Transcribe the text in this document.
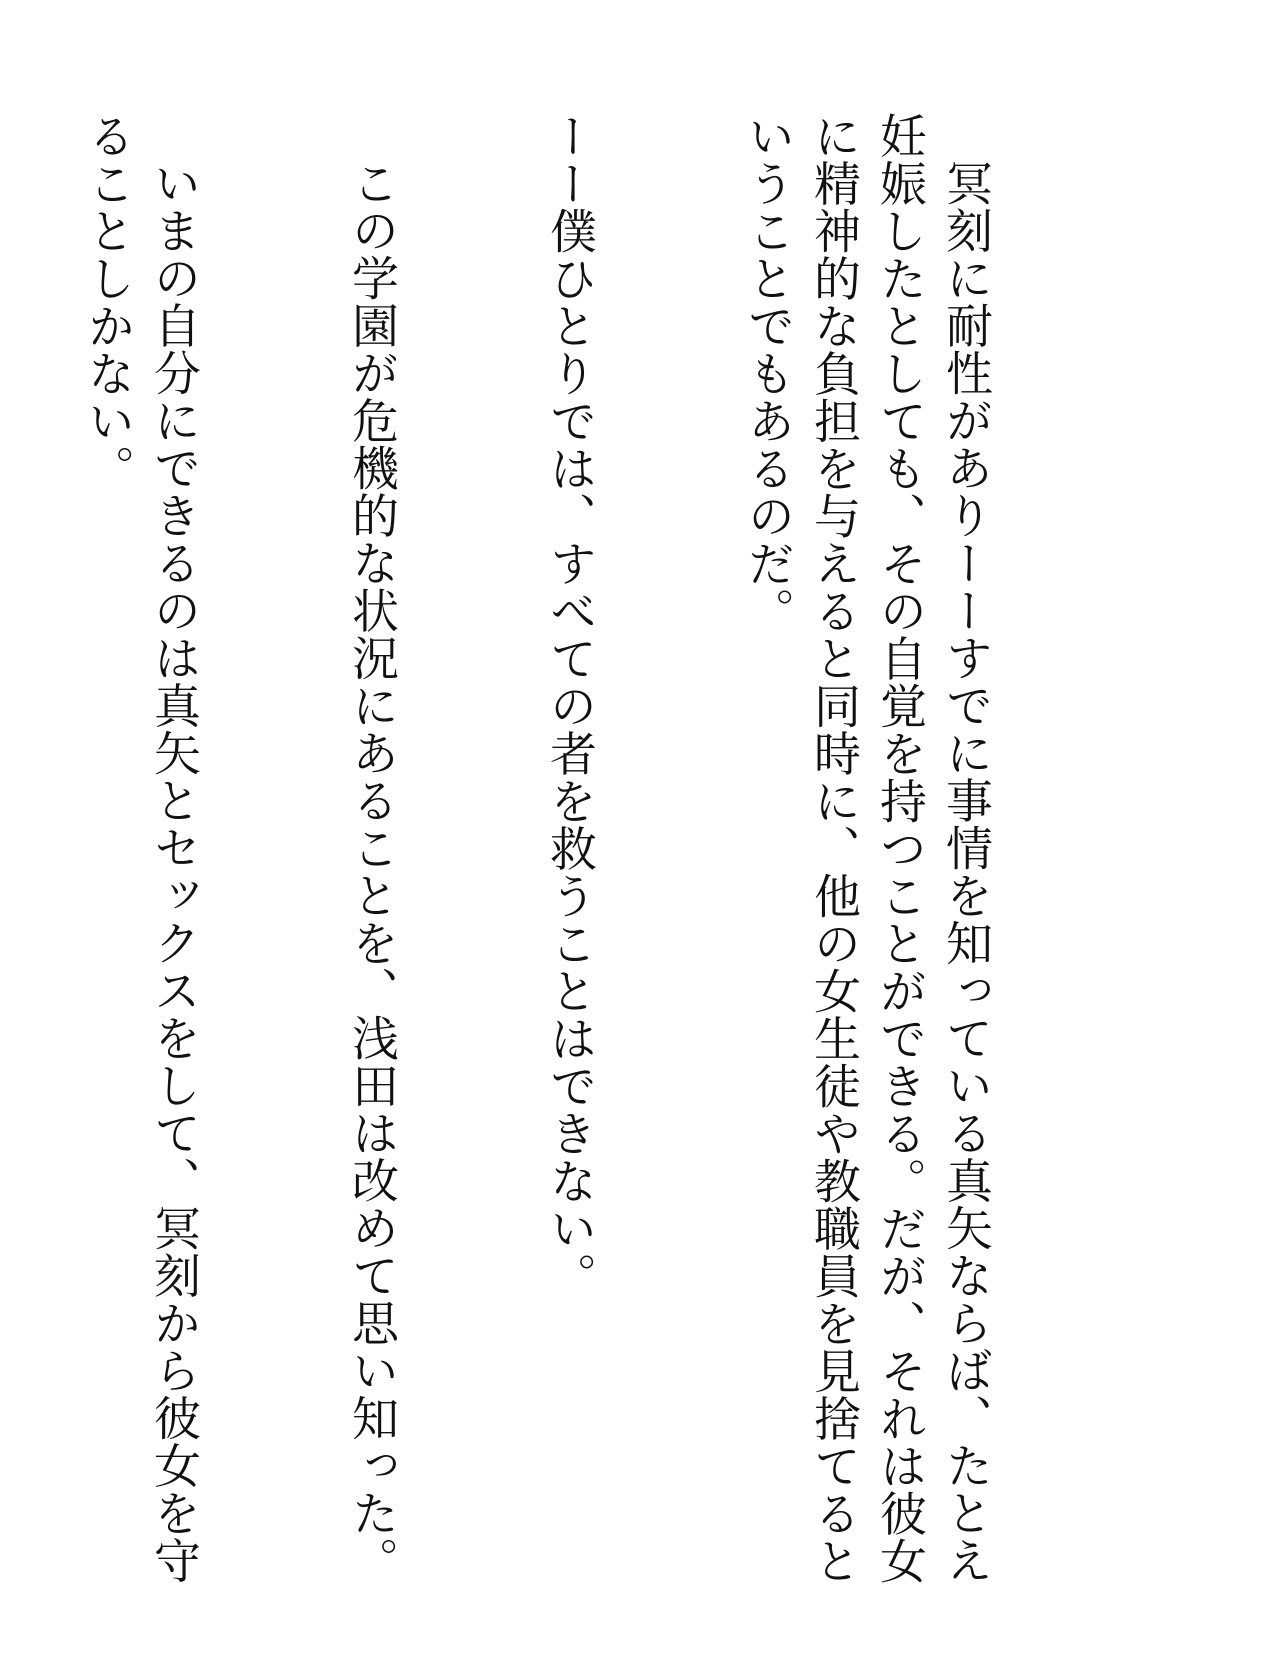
冥刻に耐性がありーーすでに事情を知っている真矢ならば、たとえ妊娠したとしても、その自覚を持つことができる。だが、それは彼女に精神的な負担を与えると同時に、他の女生徒や教職員を見捨てるということでもあるのだ。

ーー僕ひとりでは、すべての者を救うことはできない。

この学園が危機的な状況にあることを、浅田は改めて思い知った。

いまの自分にできるのは真矢とセックスをして、冥刻から彼女を守ることしかない。
